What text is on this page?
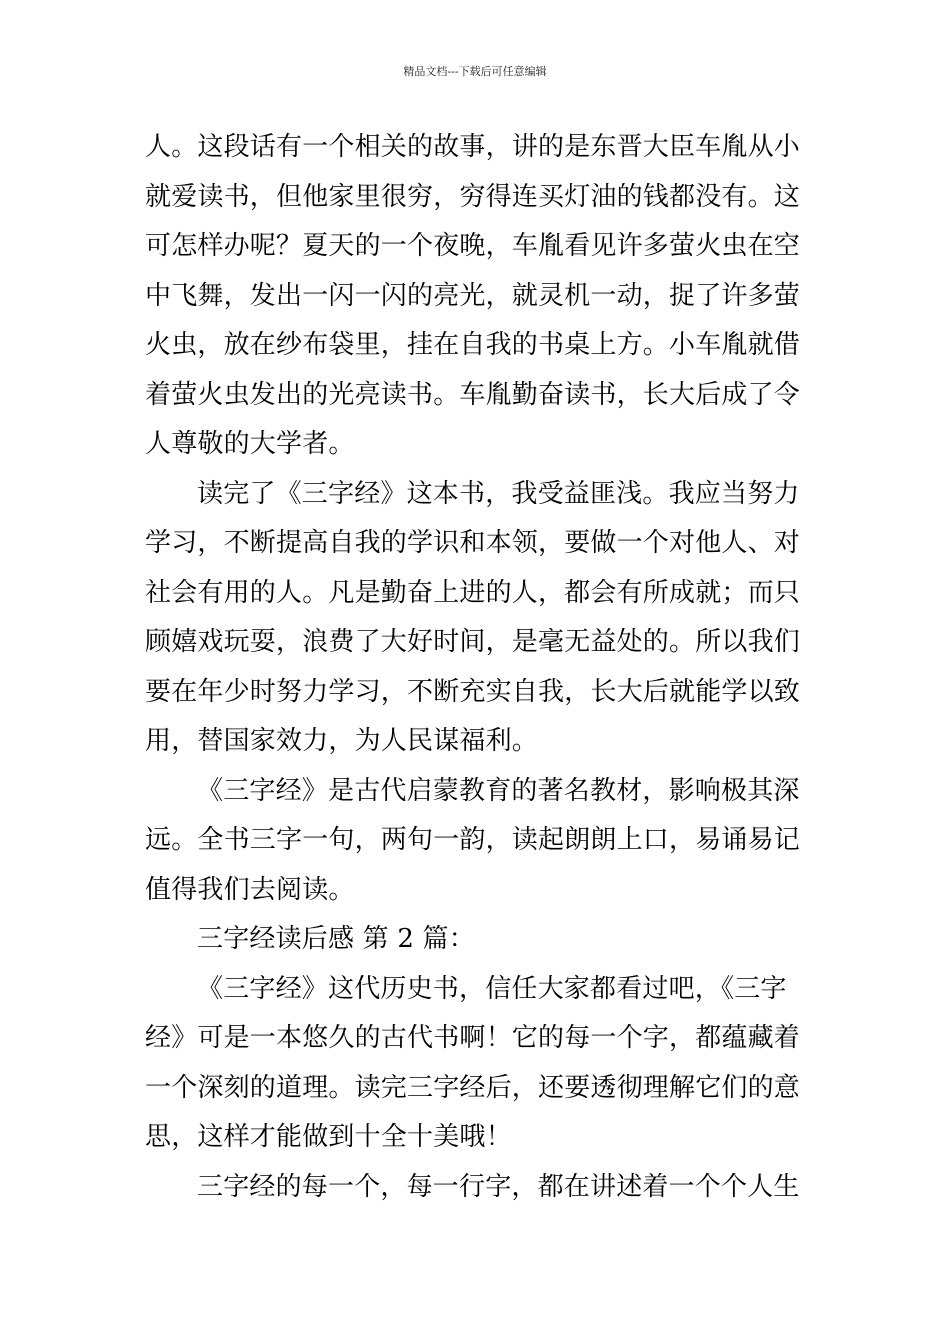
精品文档---下载后可任意编辑
人。这段话有一个相关的故事，讲的是东晋大臣车胤从小
就爱读书，但他家里很穷，穷得连买灯油的钱都没有。这
可怎样办呢？夏天的一个夜晚，车胤看见许多萤火虫在空
中飞舞，发出一闪一闪的亮光，就灵机一动，捉了许多萤
火虫，放在纱布袋里，挂在自我的书桌上方。小车胤就借
着萤火虫发出的光亮读书。车胤勤奋读书，长大后成了令
人尊敬的大学者。
读完了《三字经》这本书，我受益匪浅。我应当努力
学习，不断提高自我的学识和本领，要做一个对他人、对
社会有用的人。凡是勤奋上进的人，都会有所成就；而只
顾嬉戏玩耍，浪费了大好时间，是毫无益处的。所以我们
要在年少时努力学习，不断充实自我，长大后就能学以致
用，替国家效力，为人民谋福利。
《三字经》是古代启蒙教育的著名教材，影响极其深
远。全书三字一句，两句一韵，读起朗朗上口，易诵易记
值得我们去阅读。
三字经读后感 第 2 篇：
《三字经》这代历史书，信任大家都看过吧，《三字
经》可是一本悠久的古代书啊！它的每一个字，都蕴藏着
一个深刻的道理。读完三字经后，还要透彻理解它们的意
思，这样才能做到十全十美哦！
三字经的每一个，每一行字，都在讲述着一个个人生
